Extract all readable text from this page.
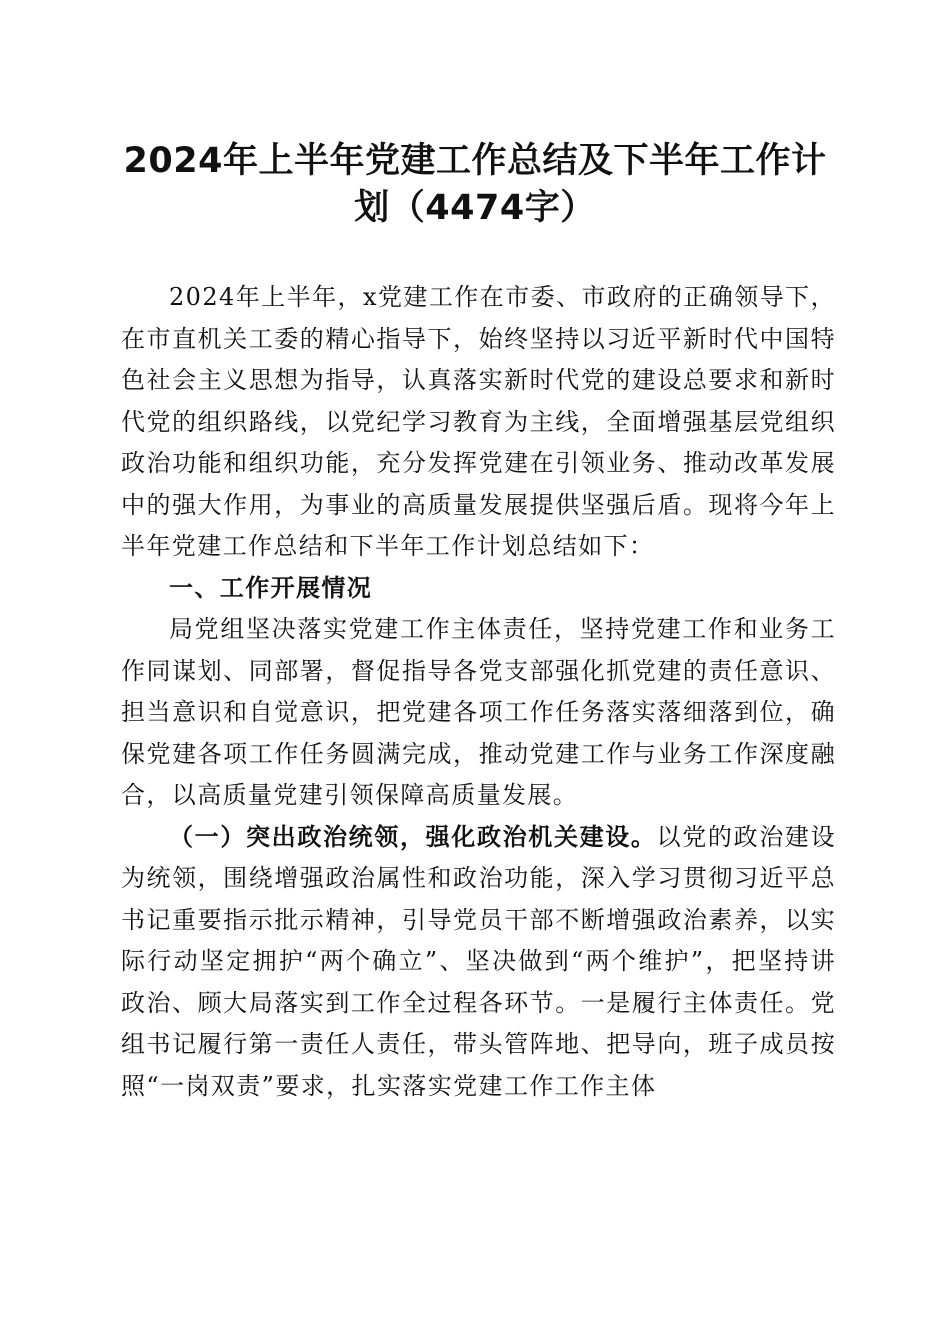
2024年上半年党建工作总结及下半年工作计
划（4474字）

2024年上半年，x党建工作在市委、市政府的正确领导下，在市直机关工委的精心指导下，始终坚持以习近平新时代中国特色社会主义思想为指导，认真落实新时代党的建设总要求和新时代党的组织路线，以党纪学习教育为主线，全面增强基层党组织政治功能和组织功能，充分发挥党建在引领业务、推动改革发展中的强大作用，为事业的高质量发展提供坚强后盾。现将今年上半年党建工作总结和下半年工作计划总结如下：

一、工作开展情况

局党组坚决落实党建工作主体责任，坚持党建工作和业务工作同谋划、同部署，督促指导各党支部强化抓党建的责任意识、担当意识和自觉意识，把党建各项工作任务落实落细落到位，确保党建各项工作任务圆满完成，推动党建工作与业务工作深度融合，以高质量党建引领保障高质量发展。

（一）突出政治统领，强化政治机关建设。以党的政治建设为统领，围绕增强政治属性和政治功能，深入学习贯彻习近平总书记重要指示批示精神，引导党员干部不断增强政治素养，以实际行动坚定拥护“两个确立”、坚决做到“两个维护”，把坚持讲政治、顾大局落实到工作全过程各环节。一是履行主体责任。党组书记履行第一责任人责任，带头管阵地、把导向，班子成员按照“一岗双责”要求，扎实落实党建工作工作主体
